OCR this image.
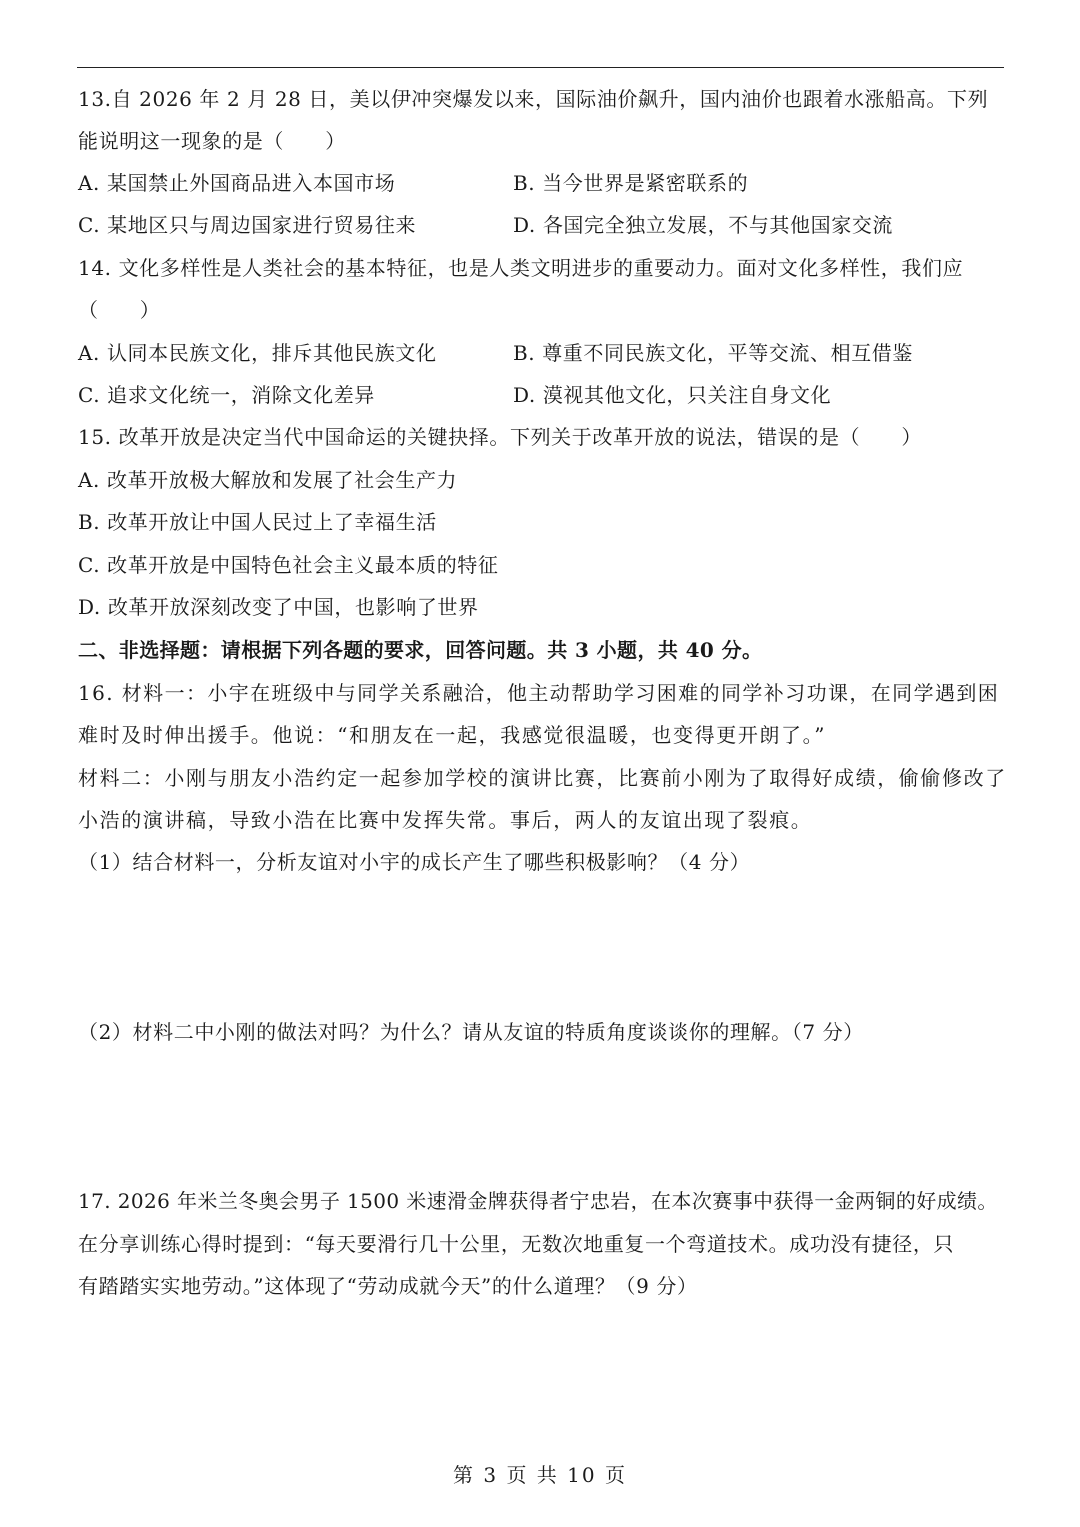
13.自 2026 年 2 月 28 日，美以伊冲突爆发以来，国际油价飙升，国内油价也跟着水涨船高。下列
能说明这一现象的是（　　）
A. 某国禁止外国商品进入本国市场	B. 当今世界是紧密联系的
C. 某地区只与周边国家进行贸易往来	D. 各国完全独立发展，不与其他国家交流
14. 文化多样性是人类社会的基本特征，也是人类文明进步的重要动力。面对文化多样性，我们应
（　　）
A. 认同本民族文化，排斥其他民族文化	B. 尊重不同民族文化，平等交流、相互借鉴
C. 追求文化统一，消除文化差异	D. 漠视其他文化，只关注自身文化
15. 改革开放是决定当代中国命运的关键抉择。下列关于改革开放的说法，错误的是（　　）
A. 改革开放极大解放和发展了社会生产力
B. 改革开放让中国人民过上了幸福生活
C. 改革开放是中国特色社会主义最本质的特征
D. 改革开放深刻改变了中国，也影响了世界
二、非选择题：请根据下列各题的要求，回答问题。共 3 小题，共 40 分。
16. 材料一：小宇在班级中与同学关系融洽，他主动帮助学习困难的同学补习功课，在同学遇到困
难时及时伸出援手。他说：“和朋友在一起，我感觉很温暖，也变得更开朗了。”
材料二：小刚与朋友小浩约定一起参加学校的演讲比赛，比赛前小刚为了取得好成绩，偷偷修改了
小浩的演讲稿，导致小浩在比赛中发挥失常。事后，两人的友谊出现了裂痕。
（1）结合材料一，分析友谊对小宇的成长产生了哪些积极影响？（4 分）
（2）材料二中小刚的做法对吗？为什么？请从友谊的特质角度谈谈你的理解。（7 分）
17. 2026 年米兰冬奥会男子 1500 米速滑金牌获得者宁忠岩，在本次赛事中获得一金两铜的好成绩。
在分享训练心得时提到：“每天要滑行几十公里，无数次地重复一个弯道技术。成功没有捷径，只
有踏踏实实地劳动。”这体现了“劳动成就今天”的什么道理？（9 分）
第 3 页 共 10 页
